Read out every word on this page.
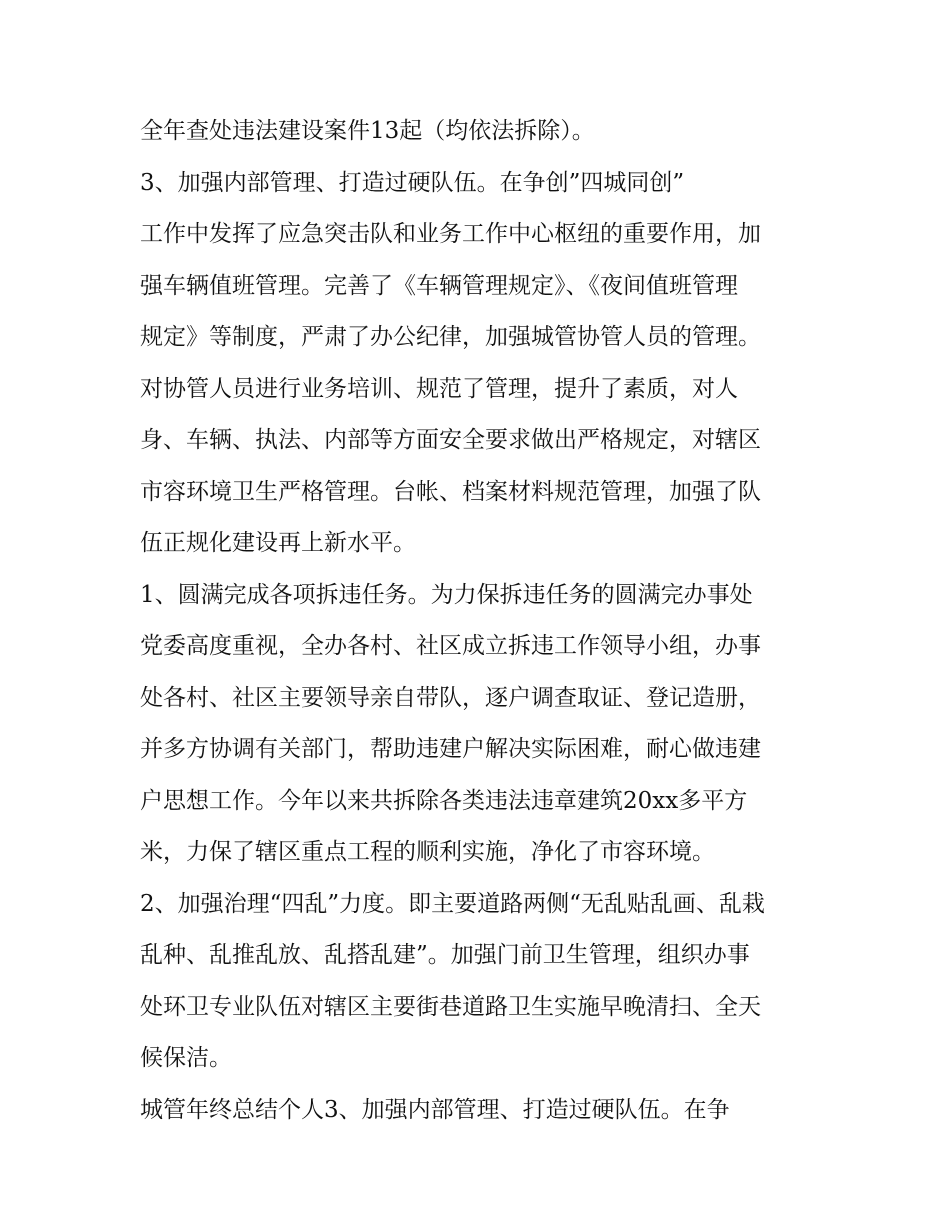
全年查处违法建设案件13起（均依法拆除）。
3、加强内部管理、打造过硬队伍。在争创”四城同创”
工作中发挥了应急突击队和业务工作中心枢纽的重要作用，加
强车辆值班管理。完善了《车辆管理规定》、《夜间值班管理
规定》等制度，严肃了办公纪律，加强城管协管人员的管理。
对协管人员进行业务培训、规范了管理，提升了素质，对人
身、车辆、执法、内部等方面安全要求做出严格规定，对辖区
市容环境卫生严格管理。台帐、档案材料规范管理，加强了队
伍正规化建设再上新水平。
1、圆满完成各项拆违任务。为力保拆违任务的圆满完办事处
党委高度重视，全办各村、社区成立拆违工作领导小组，办事
处各村、社区主要领导亲自带队，逐户调查取证、登记造册，
并多方协调有关部门，帮助违建户解决实际困难，耐心做违建
户思想工作。今年以来共拆除各类违法违章建筑20xx多平方
米，力保了辖区重点工程的顺利实施，净化了市容环境。
2、加强治理“四乱”力度。即主要道路两侧“无乱贴乱画、乱栽
乱种、乱推乱放、乱搭乱建”。加强门前卫生管理，组织办事
处环卫专业队伍对辖区主要街巷道路卫生实施早晚清扫、全天
候保洁。
城管年终总结个人3、加强内部管理、打造过硬队伍。在争
